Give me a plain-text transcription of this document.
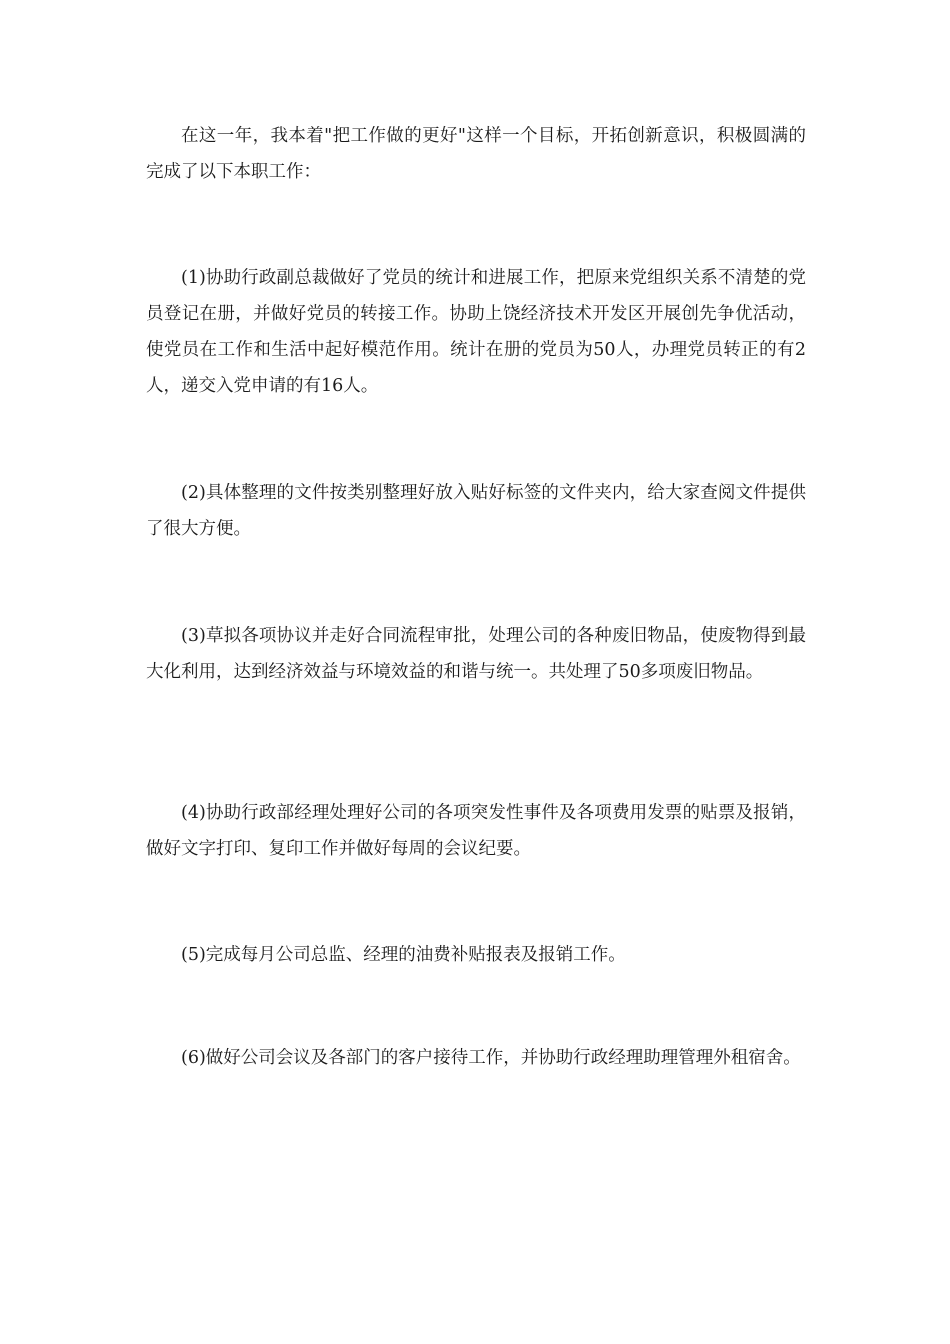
在这一年，我本着"把工作做的更好"这样一个目标，开拓创新意识，积极圆满的完成了以下本职工作：

(1)协助行政副总裁做好了党员的统计和进展工作，把原来党组织关系不清楚的党员登记在册，并做好党员的转接工作。协助上饶经济技术开发区开展创先争优活动，使党员在工作和生活中起好模范作用。统计在册的党员为50人，办理党员转正的有2人，递交入党申请的有16人。

(2)具体整理的文件按类别整理好放入贴好标签的文件夹内，给大家查阅文件提供了很大方便。

(3)草拟各项协议并走好合同流程审批，处理公司的各种废旧物品，使废物得到最大化利用，达到经济效益与环境效益的和谐与统一。共处理了50多项废旧物品。

(4)协助行政部经理处理好公司的各项突发性事件及各项费用发票的贴票及报销，做好文字打印、复印工作并做好每周的会议纪要。

(5)完成每月公司总监、经理的油费补贴报表及报销工作。

(6)做好公司会议及各部门的客户接待工作，并协助行政经理助理管理外租宿舍。
